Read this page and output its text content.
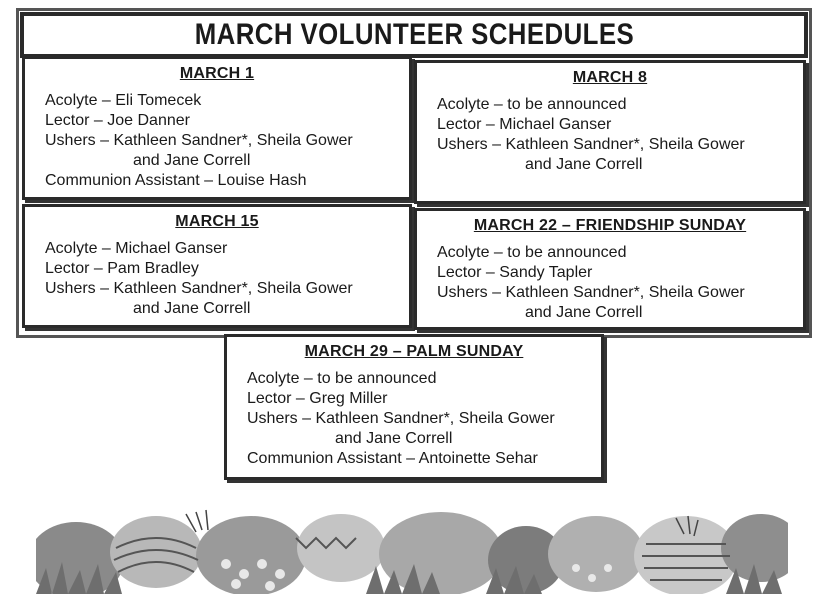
MARCH VOLUNTEER SCHEDULES
MARCH 1
Acolyte – Eli Tomecek
Lector – Joe Danner
Ushers – Kathleen Sandner*, Sheila Gower
and Jane Correll
Communion Assistant – Louise Hash
MARCH 8
Acolyte – to be announced
Lector – Michael Ganser
Ushers – Kathleen Sandner*, Sheila Gower
and Jane Correll
MARCH 15
Acolyte – Michael Ganser
Lector – Pam Bradley
Ushers – Kathleen Sandner*, Sheila Gower
and Jane Correll
MARCH 22 – FRIENDSHIP SUNDAY
Acolyte – to be announced
Lector – Sandy Tapler
Ushers – Kathleen Sandner*, Sheila Gower
and Jane Correll
MARCH 29 – PALM SUNDAY
Acolyte – to be announced
Lector – Greg Miller
Ushers – Kathleen Sandner*, Sheila Gower
and Jane Correll
Communion Assistant – Antoinette Sehar
